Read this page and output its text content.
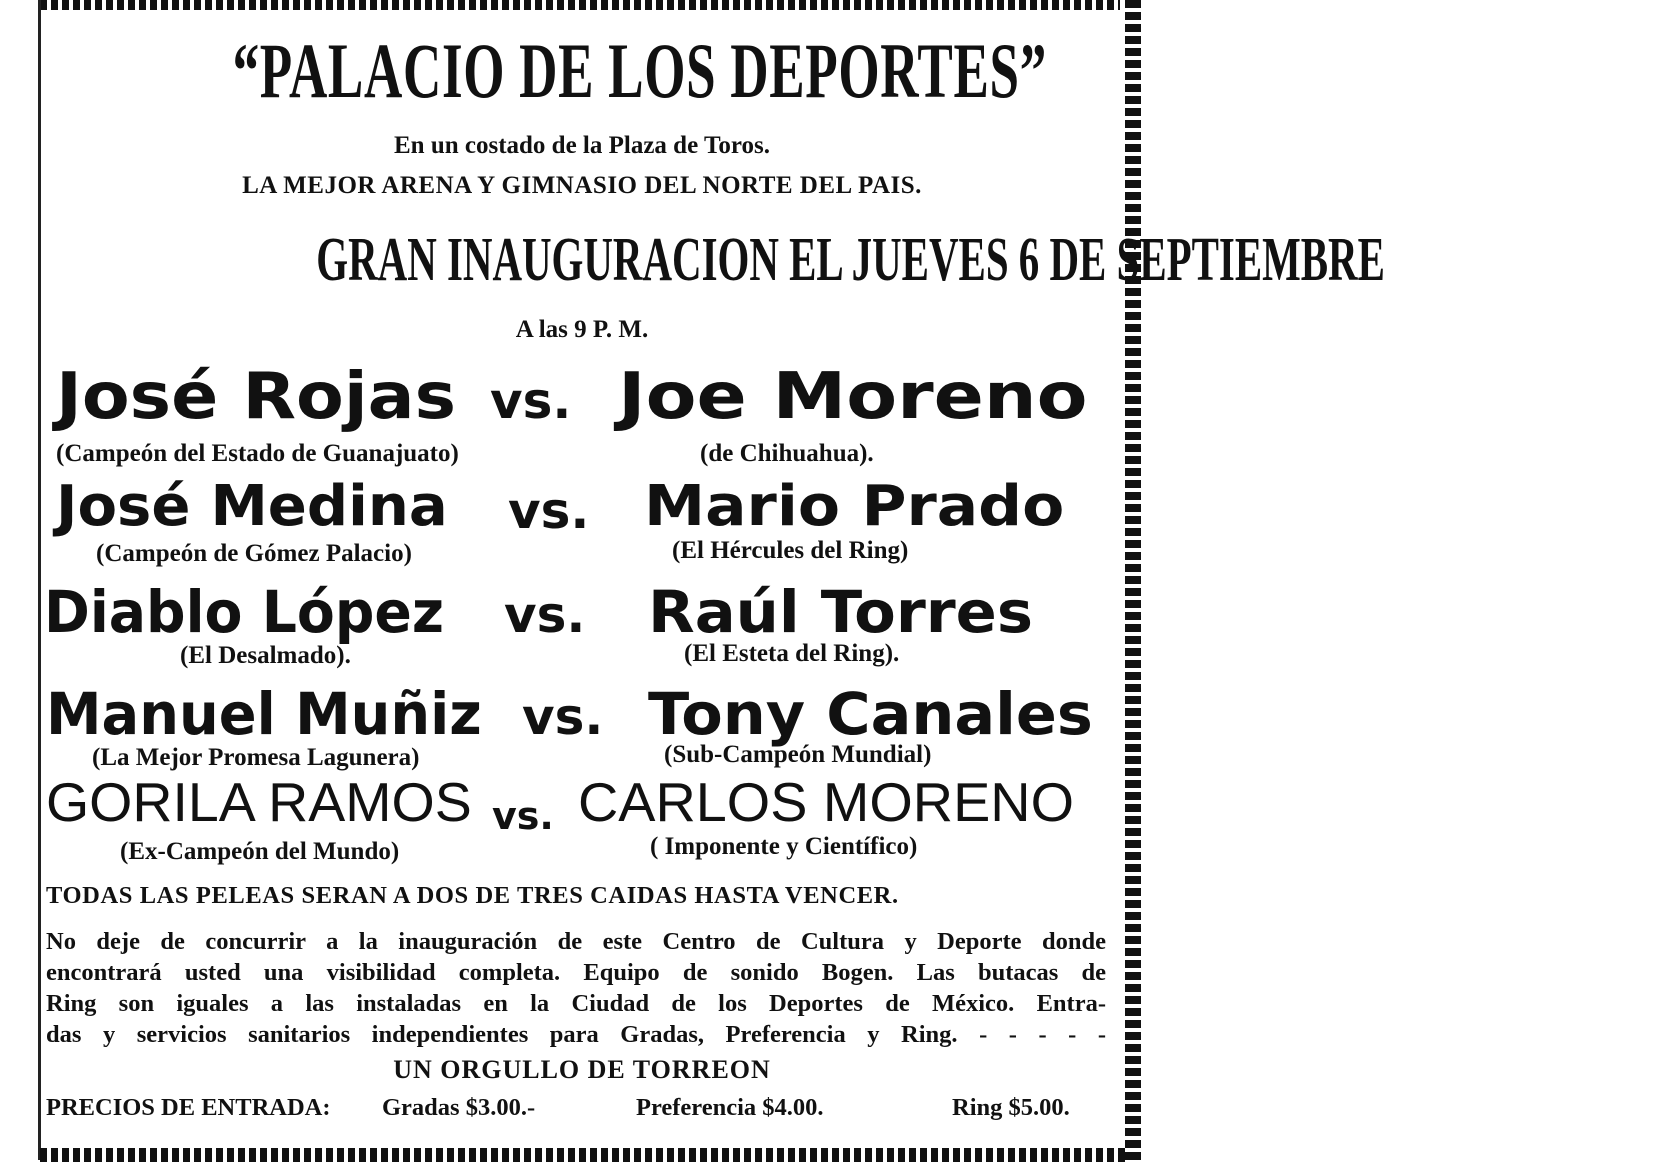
“PALACIO DE LOS DEPORTES”
En un costado de la Plaza de Toros.
LA MEJOR ARENA Y GIMNASIO DEL NORTE DEL PAIS.
GRAN INAUGURACION EL JUEVES 6 DE SEPTIEMBRE
A las 9 P. M.
José Rojas vs. Joe Moreno
(Campeón del Estado de Guanajuato)	(de Chihuahua).
José Medina vs. Mario Prado
(Campeón de Gómez Palacio)	(El Hércules del Ring)
Diablo López vs. Raúl Torres
(El Desalmado).	(El Esteta del Ring).
Manuel Muñiz vs. Tony Canales
(La Mejor Promesa Lagunera)	(Sub-Campeón Mundial)
GORILA RAMOS vs. CARLOS MORENO
(Ex-Campeón del Mundo)	( Imponente y Científico)
TODAS LAS PELEAS SERAN A DOS DE TRES CAIDAS HASTA VENCER.
No deje de concurrir a la inauguración de este Centro de Cultura y Deporte donde
encontrará usted una visibilidad completa. Equipo de sonido Bogen. Las butacas de
Ring son iguales a las instaladas en la Ciudad de los Deportes de México. Entra-
das y servicios sanitarios independientes para Gradas, Preferencia y Ring. - - - - -
UN ORGULLO DE TORREON
PRECIOS DE ENTRADA: Gradas $3.00.-	Preferencia $4.00.	Ring $5.00.
